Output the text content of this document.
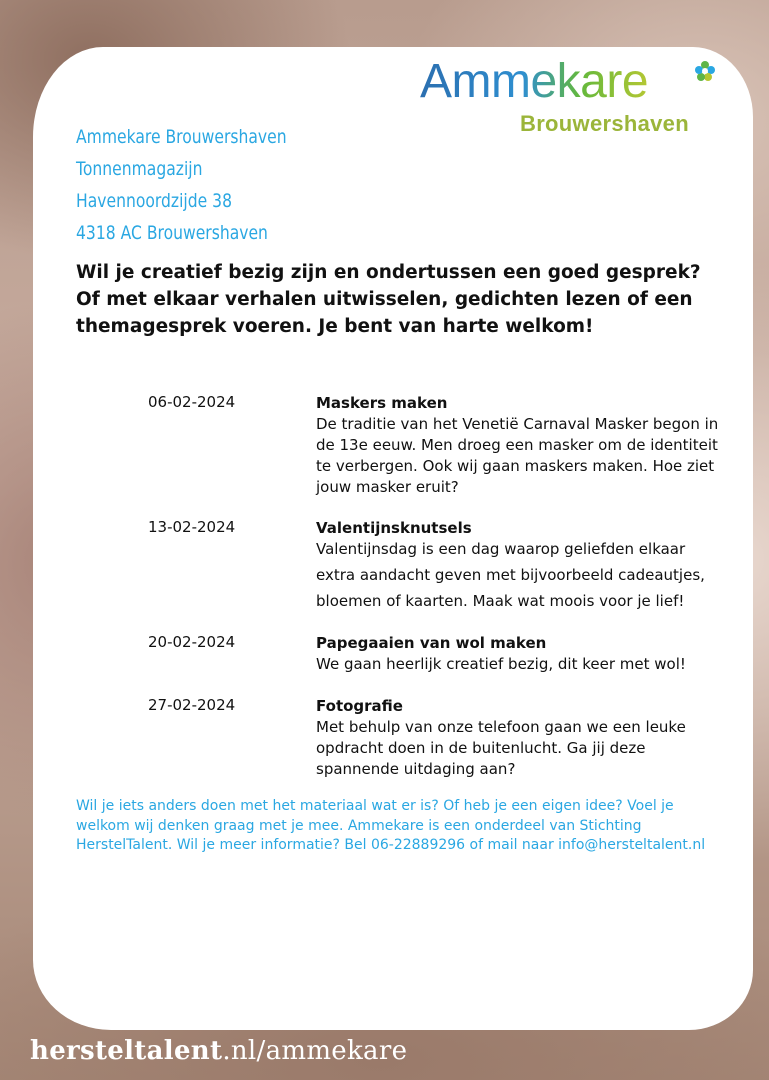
Ammekare
Brouwershaven
Ammekare Brouwershaven
Tonnenmagazijn
Havennoordzijde 38
4318 AC Brouwershaven
Wil je creatief bezig zijn en ondertussen een goed gesprek? Of met elkaar verhalen uitwisselen, gedichten lezen of een themagesprek voeren. Je bent van harte welkom!
06-02-2024	Maskers maken
De traditie van het Venetië Carnaval Masker begon in de 13e eeuw. Men droeg een masker om de identiteit te verbergen. Ook wij gaan maskers maken. Hoe ziet jouw masker eruit?
13-02-2024	Valentijnsknutsels
Valentijnsdag is een dag waarop geliefden elkaar extra aandacht geven met bijvoorbeeld cadeautjes, bloemen of kaarten. Maak wat moois voor je lief!
20-02-2024	Papegaaien van wol maken
We gaan heerlijk creatief bezig, dit keer met wol!
27-02-2024	Fotografie
Met behulp van onze telefoon gaan we een leuke opdracht doen in de buitenlucht. Ga jij deze spannende uitdaging aan?
Wil je iets anders doen met het materiaal wat er is? Of heb je een eigen idee? Voel je welkom wij denken graag met je mee. Ammekare is een onderdeel van Stichting HerstelTalent. Wil je meer informatie? Bel 06-22889296 of mail naar info@hersteltalent.nl
hersteltalent.nl/ammekare
